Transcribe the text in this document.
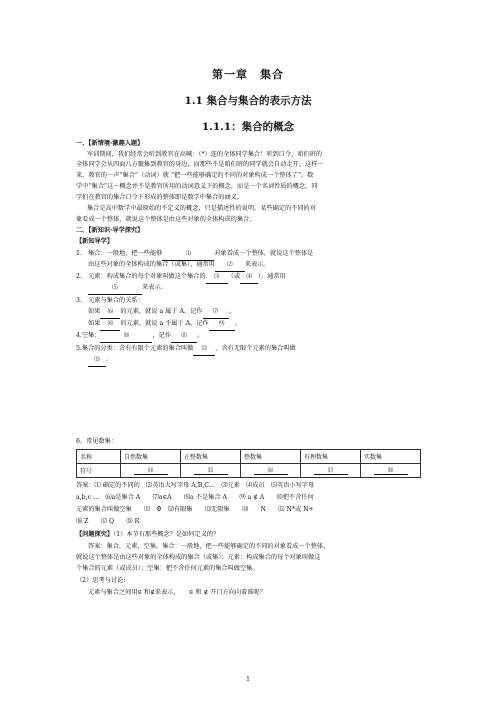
第一章　集合
1.1 集合与集合的表示方法
1.1.1：集合的概念
一、【新情境·激趣入题】
军训期间，我们经常会听到教官在高喊：（*）连的全体同学集合！听到口令，咱们班的
全体同学会从四面八方聚集到教官的身边，而那些不是咱们班的同学就会自动走开。这样一
来，教官的一声“集合”（动词）就 “把一些能够确定的不同的对象构成一个整体了”。数
学中“集合”这一概念并不是教官所用的动词意义下的概念，而是一个名词性质的概念，同
学们在教官的集合口令下形成的整体即是数学中集合的涵义。
集合是高中数学中最原始的不定义的概念，只是描述性的说明。某些确定的不同的对
象看成一个整体，就说这个整体是由这些对象的全体构成的集合。
二、【新知识·导学探究】
【新知导学】
1.　集合：一般地，把一些能够	⑴	对象看成一个整体，就说这个整体是
由这些对象的全体构成的集合（或集），通常用 ⑵ 来表示。
2.　元素：构成集合的每个对象叫做这个集合的 ⑶ （或 ⑷ ），通常用
⑸	来表示。
3.　元素与集合的关系：
如果 ⑹ 的元素，就说 a 属于 A。记作 ⑺ 。
如果 ⑻ 的元素，就说 a 不属于 A，记作 ⑼ 。
4.空集：	⑽	，记作 ⑾ 。
5.集合的分类：含有有限个元素的集合叫做 ⑿ ，含有无限个元素的集合叫做
⒀ 。
6、常见数集：
名称	自然数集	正整数集	整数集	有理数集	实数集
符号	⒁	⒂	⒃	⒄	⒅
答案：⑴ 确定的不同的　⑵英语大写字母 A,B,C…　⑶元素　⑷成员　⑸英语小写字母
a,b,c …　⑹a是集合 A　　⑺a∈A　　⑻a 不是集合 A　　⑼ a ∉ A　　⑽把不含任何
元素的集合叫做空集　　⑾　Φ　⑿有限集　　⒀无限集　　⒁　　N　　⒂ N*或 N+
⒃ Z　　⒄ Q　　⒅ R
【问题探究】（1）本节有那些概念？是如何定义的？
答案：集合，元素，空集。集合：一般地，把一些能够确定的不同的对象看成一个整体，
就说这个整体是由这些对象的全体构成的集合（或集）；元素：构成集合的每个对象叫做这
个集合的元素（或成员）；空集：把不含任何元素的集合叫做空集。
（2）思考与讨论:
元素与集合之间用∈ 和∉来表示，　　∈ 和 ∉ 开口方向向着谁呢？
1
